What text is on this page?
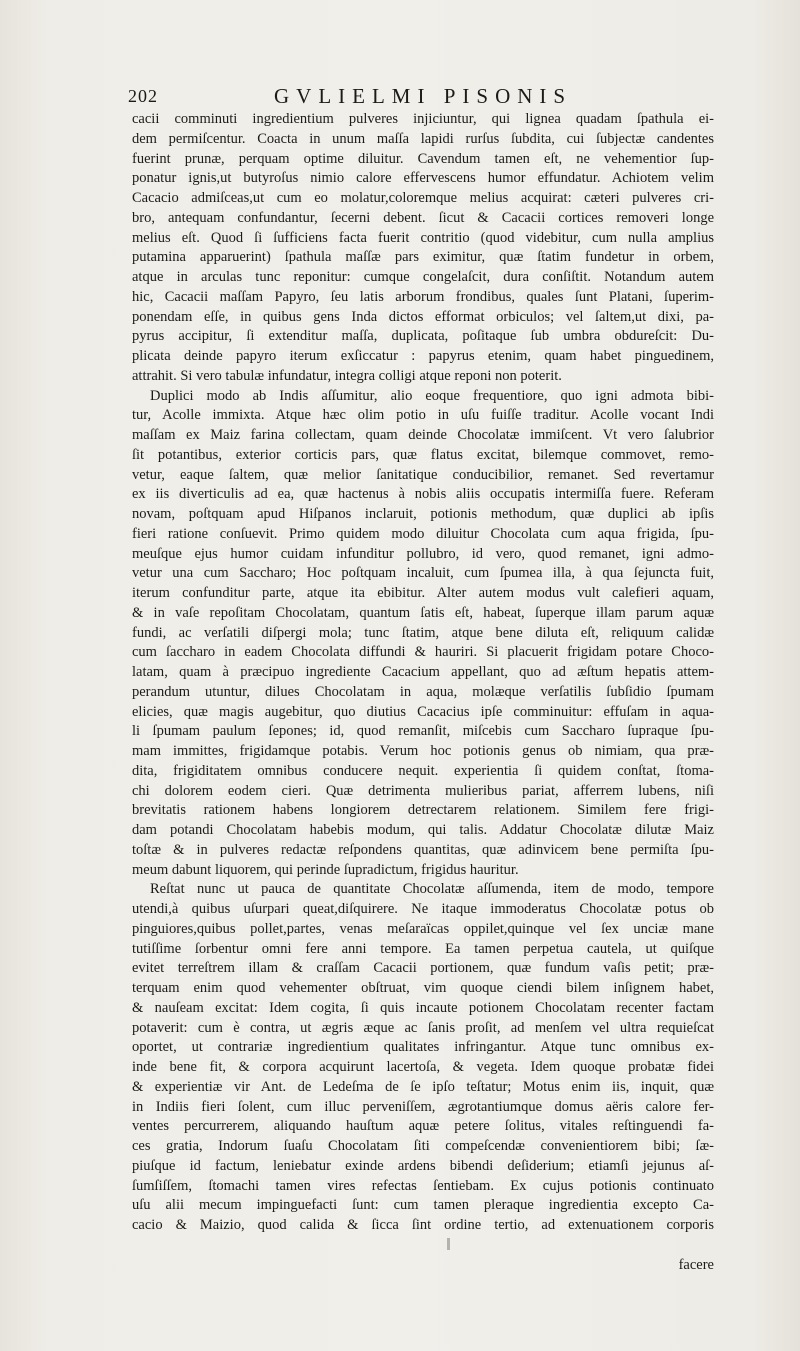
202	GVLIELMI PISONIS
cacii comminuti ingredientium pulveres injiciuntur, qui lignea quadam ſpathula ei-
dem permiſcentur. Coacta in unum maſſa lapidi rurſus ſubdita, cui ſubjectæ candentes
fuerint prunæ, perquam optime diluitur. Cavendum tamen eſt, ne vehementior ſup-
ponatur ignis,ut butyroſus nimio calore effervescens humor effundatur. Achiotem velim
Cacacio admiſceas,ut cum eo molatur,coloremque melius acquirat: cæteri pulveres cri-
bro, antequam confundantur, ſecerni debent. ſicut & Cacacii cortices removeri longe
melius eſt. Quod ſi ſufficiens facta fuerit contritio (quod videbitur, cum nulla amplius
putamina apparuerint) ſpathula maſſæ pars eximitur, quæ ſtatim fundetur in orbem,
atque in arculas tunc reponitur: cumque congelaſcit, dura conſiſtit. Notandum autem
hic, Cacacii maſſam Papyro, ſeu latis arborum frondibus, quales ſunt Platani, ſuperim-
ponendam eſſe, in quibus gens Inda dictos efformat orbiculos; vel ſaltem,ut dixi, pa-
pyrus accipitur, ſi extenditur maſſa, duplicata, poſitaque ſub umbra obdureſcit: Du-
plicata deinde papyro iterum exſiccatur : papyrus etenim, quam habet pinguedinem,
attrahit. Si vero tabulæ infundatur, integra colligi atque reponi non poterit.
Duplici modo ab Indis aſſumitur, alio eoque frequentiore, quo igni admota bibi-
tur, Acolle immixta. Atque hæc olim potio in uſu fuiſſe traditur. Acolle vocant Indi
maſſam ex Maiz farina collectam, quam deinde Chocolatæ immiſcent. Vt vero ſalubrior
ſit potantibus, exterior corticis pars, quæ flatus excitat, bilemque commovet, remo-
vetur, eaque ſaltem, quæ melior ſanitatique conducibilior, remanet. Sed revertamur
ex iis diverticulis ad ea, quæ hactenus à nobis aliis occupatis intermiſſa fuere. Referam
novam, poſtquam apud Hiſpanos inclaruit, potionis methodum, quæ duplici ab ipſis
fieri ratione conſuevit. Primo quidem modo diluitur Chocolata cum aqua frigida, ſpu-
meuſque ejus humor cuidam infunditur pollubro, id vero, quod remanet, igni admo-
vetur una cum Saccharo; Hoc poſtquam incaluit, cum ſpumea illa, à qua ſejuncta fuit,
iterum confunditur parte, atque ita ebibitur. Alter autem modus vult calefieri aquam,
& in vaſe repoſitam Chocolatam, quantum ſatis eſt, habeat, ſuperque illam parum aquæ
fundi, ac verſatili diſpergi mola; tunc ſtatim, atque bene diluta eſt, reliquum calidæ
cum ſaccharo in eadem Chocolata diffundi & hauriri. Si placuerit frigidam potare Choco-
latam, quam à præcipuo ingrediente Cacacium appellant, quo ad æſtum hepatis attem-
perandum utuntur, dilues Chocolatam in aqua, molæque verſatilis ſubſidio ſpumam
elicies, quæ magis augebitur, quo diutius Cacacius ipſe comminuitur: effuſam in aqua-
li ſpumam paulum ſepones; id, quod remanſit, miſcebis cum Saccharo ſupraque ſpu-
mam immittes, frigidamque potabis. Verum hoc potionis genus ob nimiam, qua præ-
dita, frigiditatem omnibus conducere nequit. experientia ſi quidem conſtat, ſtoma-
chi dolorem eodem cieri. Quæ detrimenta mulieribus pariat, afferrem lubens, niſi
brevitatis rationem habens longiorem detrectarem relationem. Similem fere frigi-
dam potandi Chocolatam habebis modum, qui talis. Addatur Chocolatæ dilutæ Maiz
toſtæ & in pulveres redactæ reſpondens quantitas, quæ adinvicem bene permiſta ſpu-
meum dabunt liquorem, qui perinde ſupradictum, frigidus hauritur.
Reſtat nunc ut pauca de quantitate Chocolatæ aſſumenda, item de modo, tempore
utendi,à quibus uſurpari queat,diſquirere. Ne itaque immoderatus Chocolatæ potus ob
pinguiores,quibus pollet,partes, venas meſaraïcas oppilet,quinque vel ſex unciæ mane
tutiſſime ſorbentur omni fere anni tempore. Ea tamen perpetua cautela, ut quiſque
evitet terreſtrem illam & craſſam Cacacii portionem, quæ fundum vaſis petit; præ-
terquam enim quod vehementer obſtruat, vim quoque ciendi bilem inſignem habet,
& nauſeam excitat: Idem cogita, ſi quis incaute potionem Chocolatam recenter factam
potaverit: cum è contra, ut ægris æque ac ſanis proſit, ad menſem vel ultra requieſcat
oportet, ut contrariæ ingredientium qualitates infringantur. Atque tunc omnibus ex-
inde bene fit, & corpora acquirunt lacertoſa, & vegeta. Idem quoque probatæ fidei
& experientiæ vir Ant. de Ledeſma de ſe ipſo teſtatur; Motus enim iis, inquit, quæ
in Indiis fieri ſolent, cum illuc perveniſſem, ægrotantiumque domus aëris calore fer-
ventes percurrerem, aliquando hauſtum aquæ petere ſolitus, vitales reſtinguendi fa-
ces gratia, Indorum ſuaſu Chocolatam ſiti compeſcendæ convenientiorem bibi; ſæ-
piuſque id factum, leniebatur exinde ardens bibendi deſiderium; etiamſi jejunus aſ-
ſumſiſſem, ſtomachi tamen vires refectas ſentiebam. Ex cujus potionis continuato
uſu alii mecum impinguefacti ſunt: cum tamen pleraque ingredientia excepto Ca-
cacio & Maizio, quod calida & ſicca ſint ordine tertio, ad extenuationem corporis
facere
